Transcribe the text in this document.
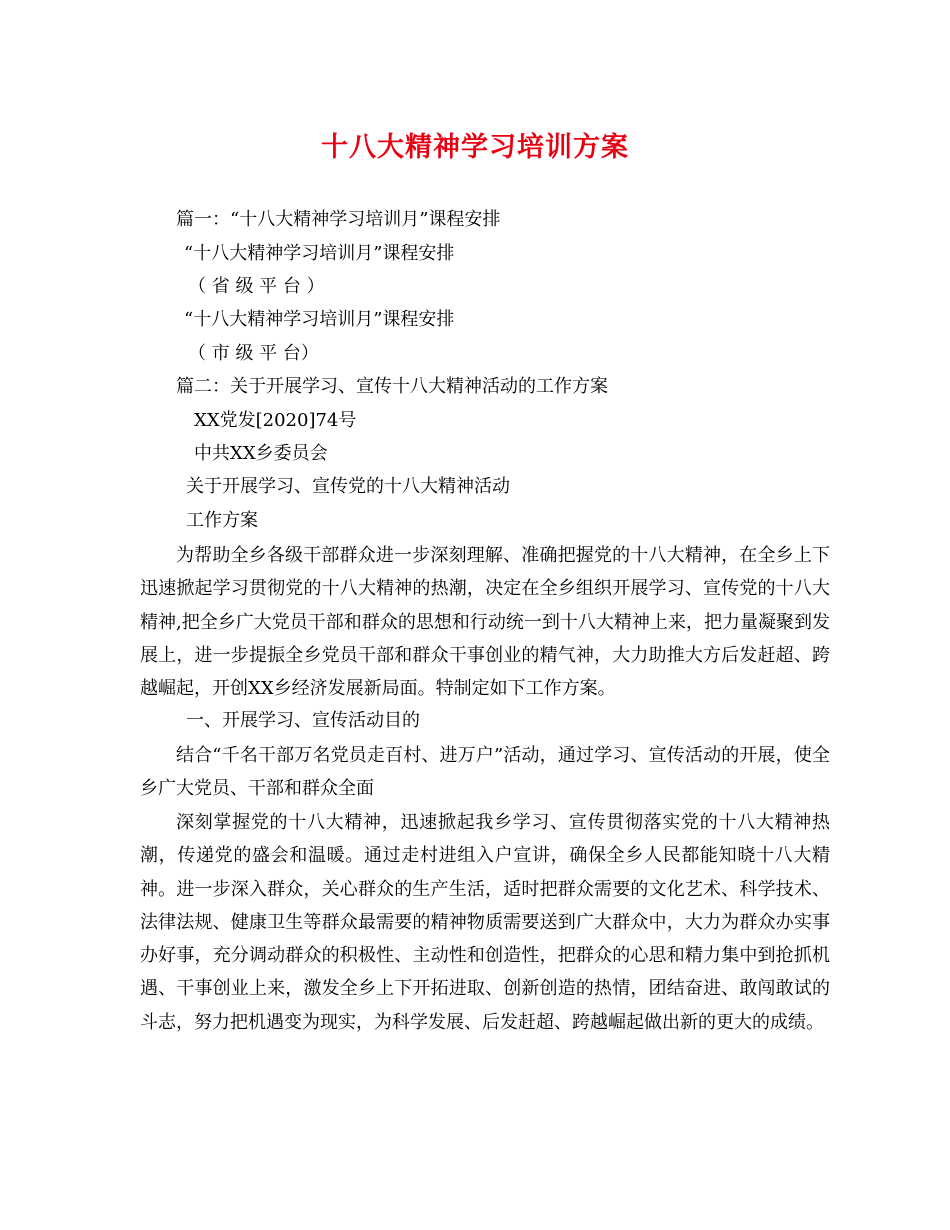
十八大精神学习培训方案

篇一：“十八大精神学习培训月”课程安排

“十八大精神学习培训月”课程安排

（ 省 级 平 台 ）

“十八大精神学习培训月”课程安排

（ 市 级 平 台）

篇二：关于开展学习、宣传十八大精神活动的工作方案

XX党发[2020]74号

中共XX乡委员会

关于开展学习、宣传党的十八大精神活动

工作方案

为帮助全乡各级干部群众进一步深刻理解、准确把握党的十八大精神，在全乡上下迅速掀起学习贯彻党的十八大精神的热潮，决定在全乡组织开展学习、宣传党的十八大精神,把全乡广大党员干部和群众的思想和行动统一到十八大精神上来，把力量凝聚到发展上，进一步提振全乡党员干部和群众干事创业的精气神，大力助推大方后发赶超、跨越崛起，开创XX乡经济发展新局面。特制定如下工作方案。

一、开展学习、宣传活动目的

结合“千名干部万名党员走百村、进万户”活动，通过学习、宣传活动的开展，使全乡广大党员、干部和群众全面

深刻掌握党的十八大精神，迅速掀起我乡学习、宣传贯彻落实党的十八大精神热潮，传递党的盛会和温暖。通过走村进组入户宣讲，确保全乡人民都能知晓十八大精神。进一步深入群众，关心群众的生产生活，适时把群众需要的文化艺术、科学技术、法律法规、健康卫生等群众最需要的精神物质需要送到广大群众中，大力为群众办实事办好事，充分调动群众的积极性、主动性和创造性，把群众的心思和精力集中到抢抓机遇、干事创业上来，激发全乡上下开拓进取、创新创造的热情，团结奋进、敢闯敢试的斗志，努力把机遇变为现实，为科学发展、后发赶超、跨越崛起做出新的更大的成绩。
